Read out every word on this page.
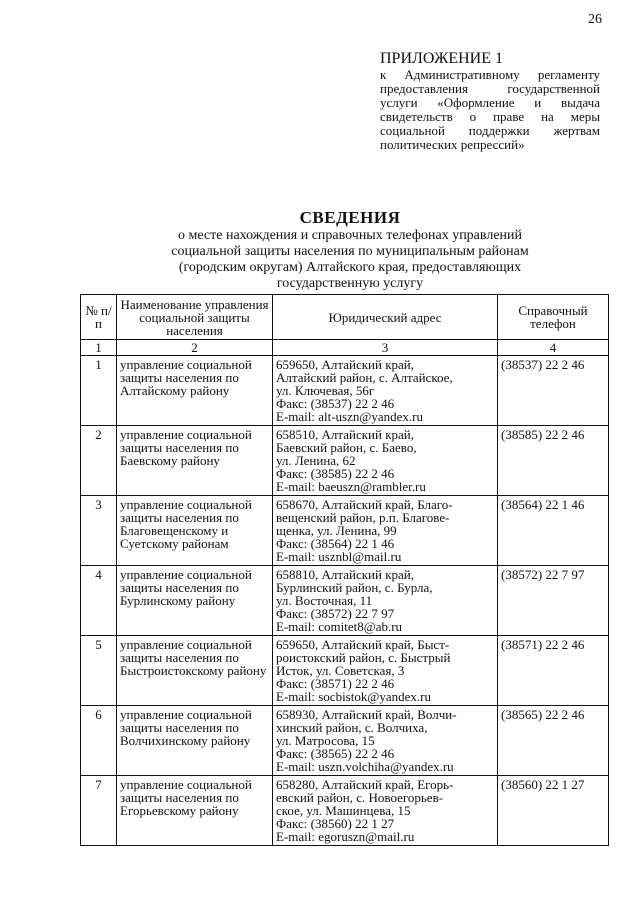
26
ПРИЛОЖЕНИЕ 1
к Административному регламенту предоставления государственной услуги «Оформление и выдача свидетельств о праве на меры социальной поддержки жертвам политических репрессий»
СВЕДЕНИЯ
о месте нахождения и справочных телефонах управлений
социальной защиты населения по муниципальным районам
(городским округам) Алтайского края, предоставляющих
государственную услугу
№ п/п	Наименование управления социальной защиты населения	Юридический адрес	Справочный телефон
1	2	3	4
1	управление социальной защиты населения по Алтайскому району	659650, Алтайский край,
Алтайский район, с. Алтайское,
ул. Ключевая, 56г
Факс: (38537) 22 2 46
E-mail: alt-uszn@yandex.ru	(38537) 22 2 46
2	управление социальной защиты населения по Баевскому району	658510, Алтайский край,
Баевский район, с. Баево,
ул. Ленина, 62
Факс: (38585) 22 2 46
E-mail: baeuszn@rambler.ru	(38585) 22 2 46
3	управление социальной защиты населения по Благовещенскому и Суетскому районам	658670, Алтайский край, Благо-
вещенский район, р.п. Благове-
щенка, ул. Ленина, 99
Факс: (38564) 22 1 46
E-mail: usznbl@mail.ru	(38564) 22 1 46
4	управление социальной защиты населения по Бурлинскому району	658810, Алтайский край,
Бурлинский район, с. Бурла,
ул. Восточная, 11
Факс: (38572) 22 7 97
E-mail: comitet8@ab.ru	(38572) 22 7 97
5	управление социальной защиты населения по Быстроистокскому району	659650, Алтайский край, Быст-
роистокский район, с. Быстрый
Исток, ул. Советская, 3
Факс: (38571) 22 2 46
E-mail: socbistok@yandex.ru	(38571) 22 2 46
6	управление социальной защиты населения по Волчихинскому району	658930, Алтайский край, Волчи-
хинский район, с. Волчиха,
ул. Матросова, 15
Факс: (38565) 22 2 46
E-mail: uszn.volchiha@yandex.ru	(38565) 22 2 46
7	управление социальной защиты населения по Егорьевскому району	658280, Алтайский край, Егорь-
евский район, с. Новоегорьев-
ское, ул. Машинцева, 15
Факс: (38560) 22 1 27
E-mail: egoruszn@mail.ru	(38560) 22 1 27
